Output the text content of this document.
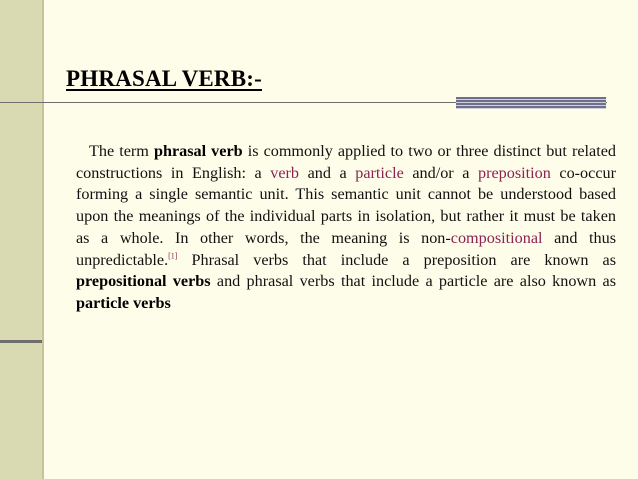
PHRASAL VERB:-

The term phrasal verb is commonly applied to two or three distinct but related constructions in English: a verb and a particle and/or a preposition co-occur forming a single semantic unit. This semantic unit cannot be understood based upon the meanings of the individual parts in isolation, but rather it must be taken as a whole. In other words, the meaning is non-compositional and thus unpredictable.[1] Phrasal verbs that include a preposition are known as prepositional verbs and phrasal verbs that include a particle are also known as particle verbs
